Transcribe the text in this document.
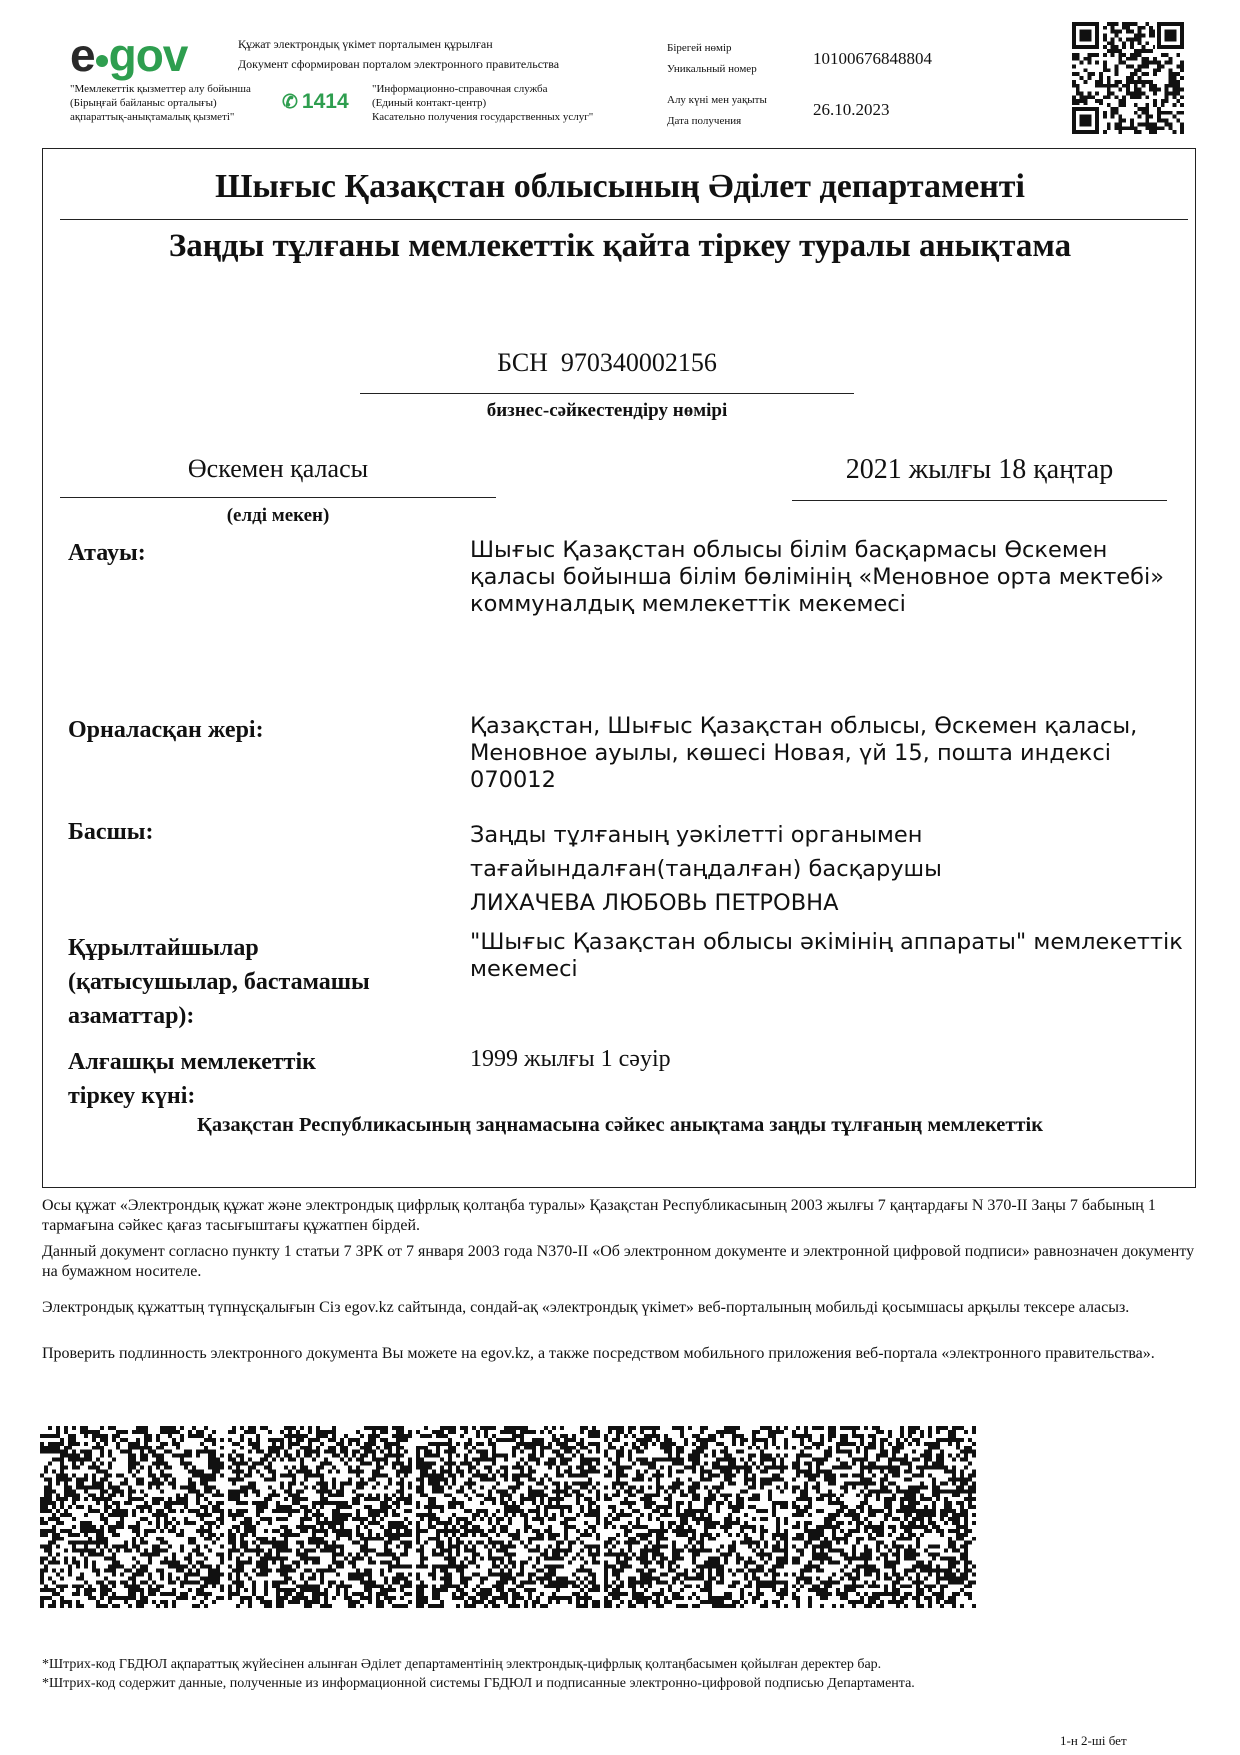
e gov	Құжат электрондық үкімет порталымен құрылған
Документ сформирован порталом электронного правительства
"Мемлекеттік қызметтер алу бойынша
(Бірыңғай байланыс орталығы)
ақпараттық-анықтамалық қызметі"
✆ 1414
"Информационно-справочная служба
(Единый контакт-центр)
Касательно получения государственных услуг"
Бірегей нөмір
Уникальный номер
10100676848804
Алу күні мен уақыты
Дата получения
26.10.2023
Шығыс Қазақстан облысының Әділет департаменті
Заңды тұлғаны мемлекеттік қайта тіркеу туралы анықтама
БСН  970340002156
бизнес-сәйкестендіру нөмірі
Өскемен қаласы
(елді мекен)
2021 жылғы 18 қаңтар
Атауы:	Шығыс Қазақстан облысы білім басқармасы Өскемен қаласы бойынша білім бөлімінің «Меновное орта мектебі» коммуналдық мемлекеттік мекемесі
Орналасқан жері:	Қазақстан, Шығыс Қазақстан облысы, Өскемен қаласы, Меновное ауылы, көшесі Новая, үй 15, пошта индексі 070012
Басшы:	Заңды тұлғаның уәкілетті органымен
тағайындалған(таңдалған) басқарушы
ЛИХАЧЕВА ЛЮБОВЬ ПЕТРОВНА
Құрылтайшылар
(қатысушылар, бастамашы
азаматтар):
"Шығыс Қазақстан облысы әкімінің аппараты" мемлекеттік мекемесі
Алғашқы мемлекеттік
тіркеу күні:
1999 жылғы 1 сәуір
Қазақстан Республикасының заңнамасына сәйкес анықтама заңды тұлғаның мемлекеттік
Осы құжат «Электрондық құжат және электрондық цифрлық қолтаңба туралы» Қазақстан Республикасының 2003 жылғы 7 қаңтардағы N 370-II Заңы 7 бабының 1 тармағына сәйкес қағаз тасығыштағы құжатпен бірдей.
Данный документ согласно пункту 1 статьи 7 ЗРК от 7 января 2003 года N370-II «Об электронном документе и электронной цифровой подписи» равнозначен документу на бумажном носителе.
Электрондық құжаттың түпнұсқалығын Сіз egov.kz сайтында, сондай-ақ «электрондық үкімет» веб-порталының мобильді қосымшасы арқылы тексере аласыз.
Проверить подлинность электронного документа Вы можете на egov.kz, а также посредством мобильного приложения веб-портала «электронного правительства».
*Штрих-код ГБДЮЛ ақпараттық жүйесінен алынған Әділет департаментінің электрондық-цифрлық қолтаңбасымен қойылған деректер бар.
*Штрих-код содержит данные, полученные из информационной системы ГБДЮЛ и подписанные электронно-цифровой подписью Департамента.
1-н 2-ші бет
